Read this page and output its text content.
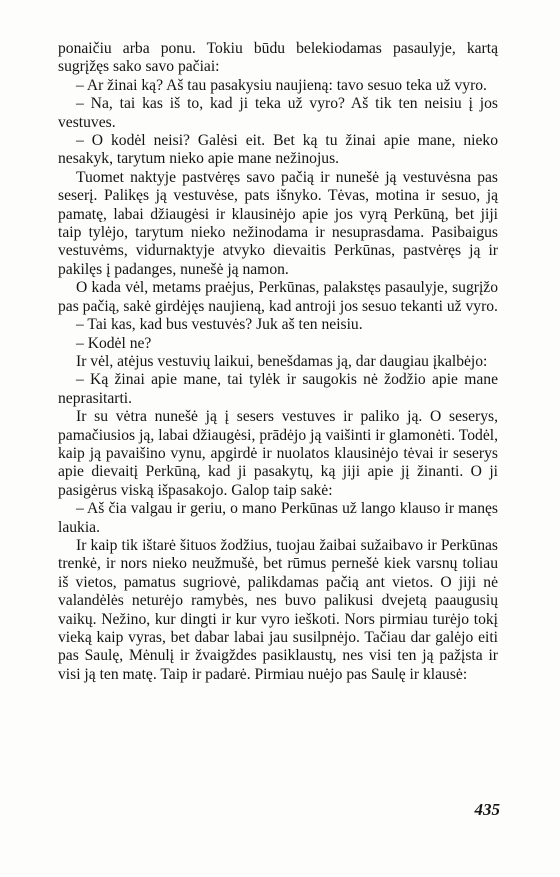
ponaičiu arba ponu. Tokiu būdu belekiodamas pasaulyje, kartą sugrįžęs sako savo pačiai:

– Ar žinai ką? Aš tau pasakysiu naujieną: tavo sesuo teka už vyro.

– Na, tai kas iš to, kad ji teka už vyro? Aš tik ten neisiu į jos vestuves.

– O kodėl neisi? Galėsi eit. Bet ką tu žinai apie mane, nieko nesakyk, tarytum nieko apie mane nežinojus.

Tuomet naktyje pastvėręs savo pačią ir nunešė ją vestuvėsna pas seserį. Palikęs ją vestuvėse, pats išnyko. Tėvas, motina ir sesuo, ją pamatę, labai džiaugėsi ir klausinėjo apie jos vyrą Perkūną, bet jiji taip tylėjo, tarytum nieko nežinodama ir nesuprasdama. Pasibaigus vestuvėms, vidurnaktyje atvyko dievaitis Perkūnas, pastvėręs ją ir pakilęs į padanges, nunešė ją namon.

O kada vėl, metams praėjus, Perkūnas, palakstęs pasaulyje, sugrįžo pas pačią, sakė girdėjęs naujieną, kad antroji jos sesuo tekanti už vyro.

– Tai kas, kad bus vestuvės? Juk aš ten neisiu.

– Kodėl ne?

Ir vėl, atėjus vestuvių laikui, benešdamas ją, dar daugiau įkalbėjo:

– Ką žinai apie mane, tai tylėk ir saugokis nė žodžio apie mane neprasitarti.

Ir su vėtra nunešė ją į sesers vestuves ir paliko ją. O seserys, pamačiusios ją, labai džiaugėsi, prādėjo ją vaišinti ir glamonėti. Todėl, kaip ją pavaišino vynu, apgirdė ir nuolatos klausinėjo tėvai ir seserys apie dievaitį Perkūną, kad ji pasakytų, ką jiji apie jį žinanti. O ji pasigėrus viską išpasakojo. Galop taip sakė:

– Aš čia valgau ir geriu, o mano Perkūnas už lango klauso ir manęs laukia.

Ir kaip tik ištarė šituos žodžius, tuojau žaibai sužaibavo ir Perkūnas trenkė, ir nors nieko neužmušė, bet rūmus pernešė kiek varsnų toliau iš vietos, pamatus sugriovė, palikdamas pačią ant vietos. O jiji nė valandėlės neturėjo ramybės, nes buvo palikusi dvejetą paaugusių vaikų. Nežino, kur dingti ir kur vyro ieškoti. Nors pirmiau turėjo tokį vieką kaip vyras, bet dabar labai jau susilpnėjo. Tačiau dar galėjo eiti pas Saulę, Mėnulį ir žvaigždes pasiklaustų, nes visi ten ją pažįsta ir visi ją ten matę. Taip ir padarė. Pirmiau nuėjo pas Saulę ir klausė:

435
